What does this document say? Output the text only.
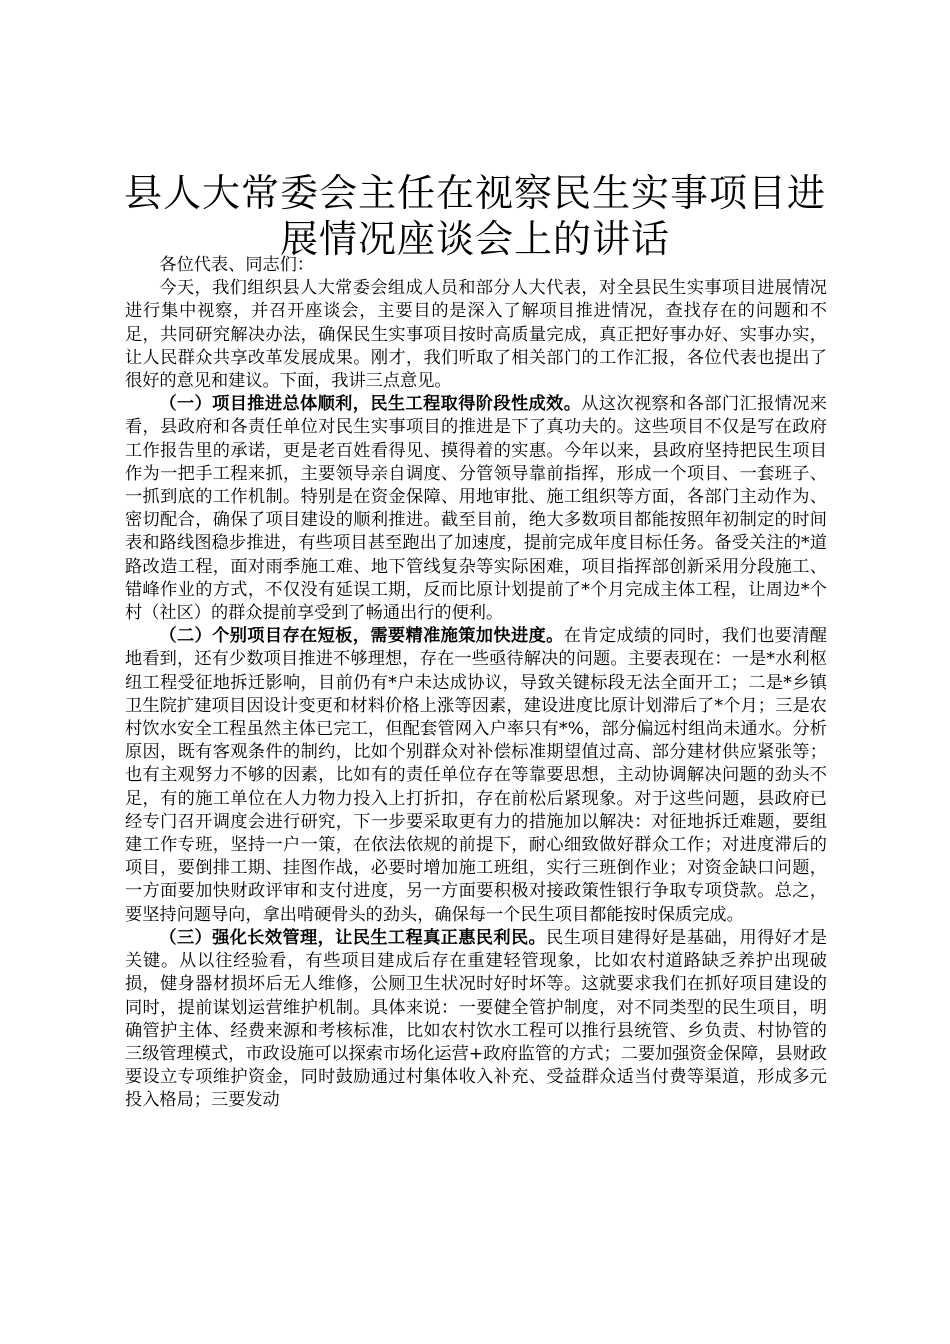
县人大常委会主任在视察民生实事项目进展情况座谈会上的讲话

各位代表、同志们：

今天，我们组织县人大常委会组成人员和部分人大代表，对全县民生实事项目进展情况进行集中视察，并召开座谈会，主要目的是深入了解项目推进情况，查找存在的问题和不足，共同研究解决办法，确保民生实事项目按时高质量完成，真正把好事办好、实事办实，让人民群众共享改革发展成果。刚才，我们听取了相关部门的工作汇报，各位代表也提出了很好的意见和建议。下面，我讲三点意见。

（一）项目推进总体顺利，民生工程取得阶段性成效。从这次视察和各部门汇报情况来看，县政府和各责任单位对民生实事项目的推进是下了真功夫的。这些项目不仅是写在政府工作报告里的承诺，更是老百姓看得见、摸得着的实惠。今年以来，县政府坚持把民生项目作为一把手工程来抓，主要领导亲自调度、分管领导靠前指挥，形成一个项目、一套班子、一抓到底的工作机制。特别是在资金保障、用地审批、施工组织等方面，各部门主动作为、密切配合，确保了项目建设的顺利推进。截至目前，绝大多数项目都能按照年初制定的时间表和路线图稳步推进，有些项目甚至跑出了加速度，提前完成年度目标任务。备受关注的*道路改造工程，面对雨季施工难、地下管线复杂等实际困难，项目指挥部创新采用分段施工、错峰作业的方式，不仅没有延误工期，反而比原计划提前了*个月完成主体工程，让周边*个村（社区）的群众提前享受到了畅通出行的便利。

（二）个别项目存在短板，需要精准施策加快进度。在肯定成绩的同时，我们也要清醒地看到，还有少数项目推进不够理想，存在一些亟待解决的问题。主要表现在：一是*水利枢纽工程受征地拆迁影响，目前仍有*户未达成协议，导致关键标段无法全面开工；二是*乡镇卫生院扩建项目因设计变更和材料价格上涨等因素，建设进度比原计划滞后了*个月；三是农村饮水安全工程虽然主体已完工，但配套管网入户率只有*%，部分偏远村组尚未通水。分析原因，既有客观条件的制约，比如个别群众对补偿标准期望值过高、部分建材供应紧张等；也有主观努力不够的因素，比如有的责任单位存在等靠要思想，主动协调解决问题的劲头不足，有的施工单位在人力物力投入上打折扣，存在前松后紧现象。对于这些问题，县政府已经专门召开调度会进行研究，下一步要采取更有力的措施加以解决：对征地拆迁难题，要组建工作专班，坚持一户一策，在依法依规的前提下，耐心细致做好群众工作；对进度滞后的项目，要倒排工期、挂图作战，必要时增加施工班组，实行三班倒作业；对资金缺口问题，一方面要加快财政评审和支付进度，另一方面要积极对接政策性银行争取专项贷款。总之，要坚持问题导向，拿出啃硬骨头的劲头，确保每一个民生项目都能按时保质完成。

（三）强化长效管理，让民生工程真正惠民利民。民生项目建得好是基础，用得好才是关键。从以往经验看，有些项目建成后存在重建轻管现象，比如农村道路缺乏养护出现破损，健身器材损坏后无人维修，公厕卫生状况时好时坏等。这就要求我们在抓好项目建设的同时，提前谋划运营维护机制。具体来说：一要健全管护制度，对不同类型的民生项目，明确管护主体、经费来源和考核标准，比如农村饮水工程可以推行县统管、乡负责、村协管的三级管理模式，市政设施可以探索市场化运营+政府监管的方式；二要加强资金保障，县财政要设立专项维护资金，同时鼓励通过村集体收入补充、受益群众适当付费等渠道，形成多元投入格局；三要发动
